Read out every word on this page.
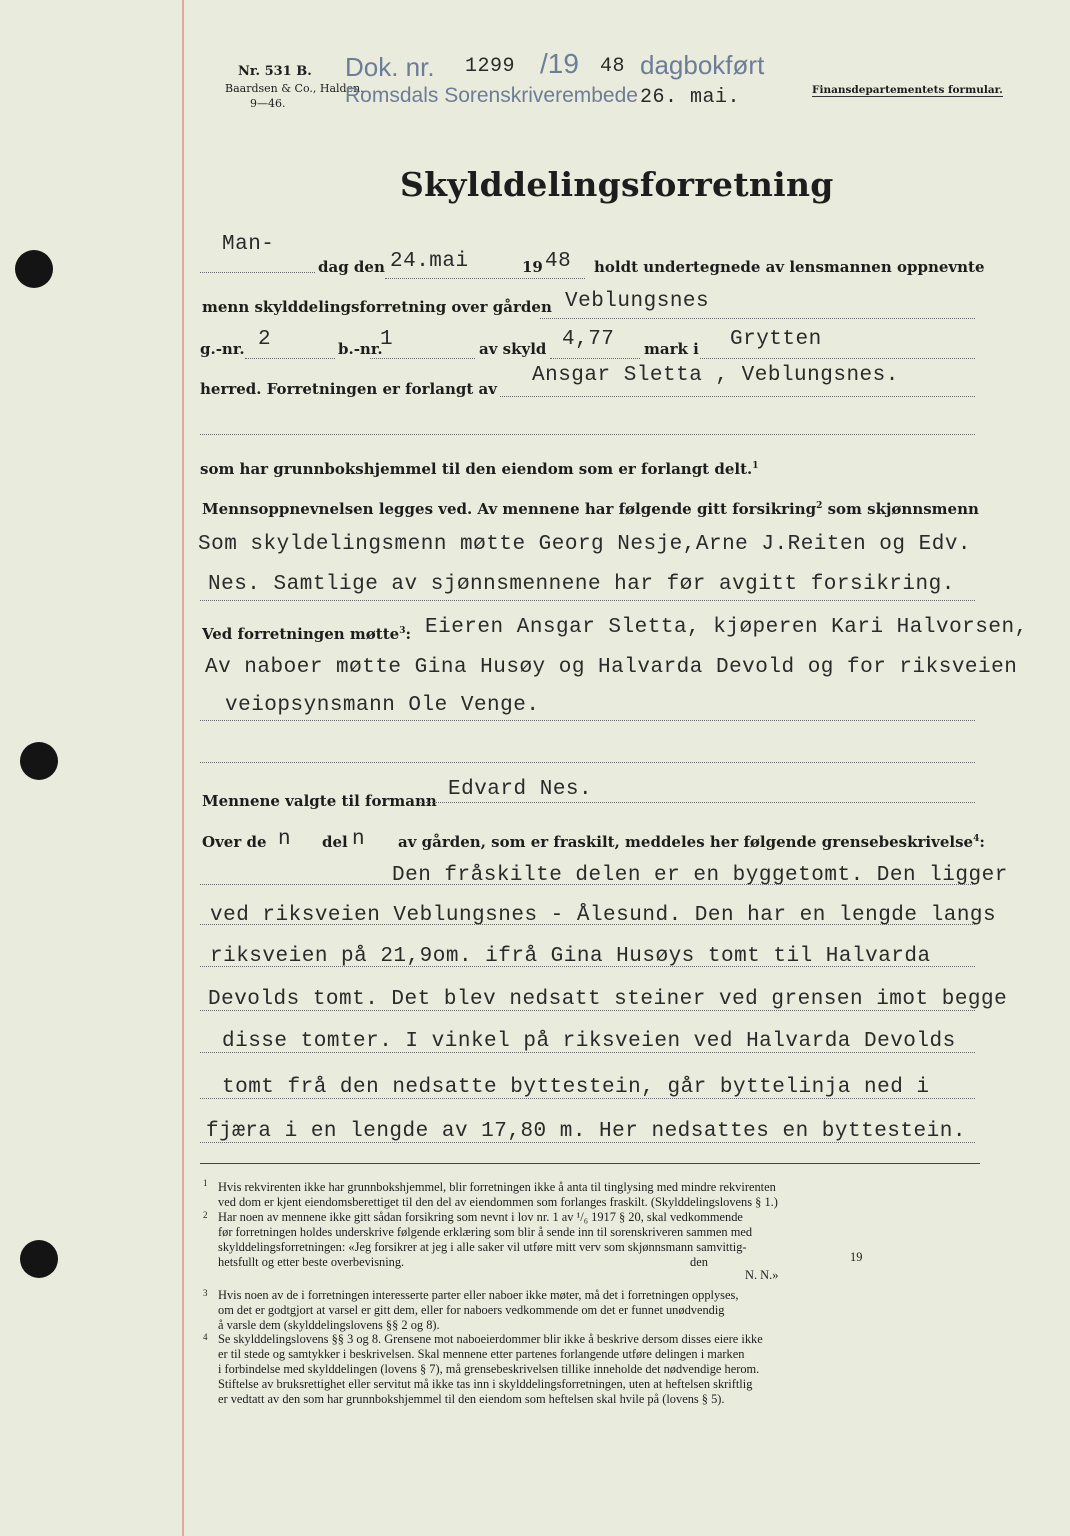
Nr. 531 B.
Baardsen & Co., Halden.
9—46.
Dok. nr. 1299 /19 48 dagbokført
Romsdals Sorenskriverembede 26. mai.	Finansdepartementets formular.
Skylddelingsforretning
Man-
dag den 24.mai	19 48 holdt undertegnede av lensmannen oppnevnte
menn skylddelingsforretning over gården Veblungsnes
g.-nr. 2	b.-nr.
1	av skyld 4,77 mark i Grytten
herred. Forretningen er forlangt av
Ansgar Sletta , Veblungsnes.
som har grunnbokshjemmel til den eiendom som er forlangt delt.$^1$
Mennsoppnevnelsen legges ved. Av mennene har følgende gitt forsikring$^2$ som skjønnsmenn
Som skyldelingsmenn møtte Georg Nesje,Arne J.Reiten og Edv.
Nes. Samtlige av sjønnsmennene har før avgitt forsikring.
Ved forretningen møtte$^3$: Eieren Ansgar Sletta, kjøperen Kari Halvorsen,
Av naboer møtte Gina Husøy og Halvarda Devold og for riksveien
veiopsynsmann Ole Venge.
Mennene valgte til formann Edvard Nes.
Over de n del n av gården, som er fraskilt, meddeles her følgende grensebeskrivelse$^4$:
Den fråskilte delen er en byggetomt. Den ligger
ved riksveien Veblungsnes - Ålesund. Den har en lengde langs
riksveien på 21,9om. ifrå Gina Husøys tomt til Halvarda
Devolds tomt. Det blev nedsatt steiner ved grensen imot begge
disse tomter. I vinkel på riksveien ved Halvarda Devolds
tomt frå den nedsatte byttestein, går byttelinja ned i
fjæra i en lengde av 17,80 m. Her nedsattes en byttestein.
1 Hvis rekvirenten ikke har grunnbokshjemmel, blir forretningen ikke å anta til tinglysing med mindre rekvirenten
ved dom er kjent eiendomsberettiget til den del av eiendommen som forlanges fraskilt. (Skylddelingslovens § 1.)
2 Har noen av mennene ikke gitt sådan forsikring som nevnt i lov nr. 1 av ¹/₆ 1917 § 20, skal vedkommende
før forretningen holdes underskrive følgende erklæring som blir å sende inn til sorenskriveren sammen med
skylddelingsforretningen: «Jeg forsikrer at jeg i alle saker vil utføre mitt verv som skjønnsmann samvittig-
hetsfullt og etter beste overbevisning.	den	19
N. N.»
3 Hvis noen av de i forretningen interesserte parter eller naboer ikke møter, må det i forretningen opplyses,
om det er godtgjort at varsel er gitt dem, eller for naboers vedkommende om det er funnet unødvendig
å varsle dem (skylddelingslovens §§ 2 og 8).
4 Se skylddelingslovens §§ 3 og 8. Grensene mot naboeierdommer blir ikke å beskrive dersom disses eiere ikke
er til stede og samtykker i beskrivelsen. Skal mennene etter partenes forlangende utføre delingen i marken
i forbindelse med skylddelingen (lovens § 7), må grensebeskrivelsen tillike inneholde det nødvendige herom.
Stiftelse av bruksrettighet eller servitut må ikke tas inn i skylddelingsforretningen, uten at heftelsen skriftlig
er vedtatt av den som har grunnbokshjemmel til den eiendom som heftelsen skal hvile på (lovens § 5).
